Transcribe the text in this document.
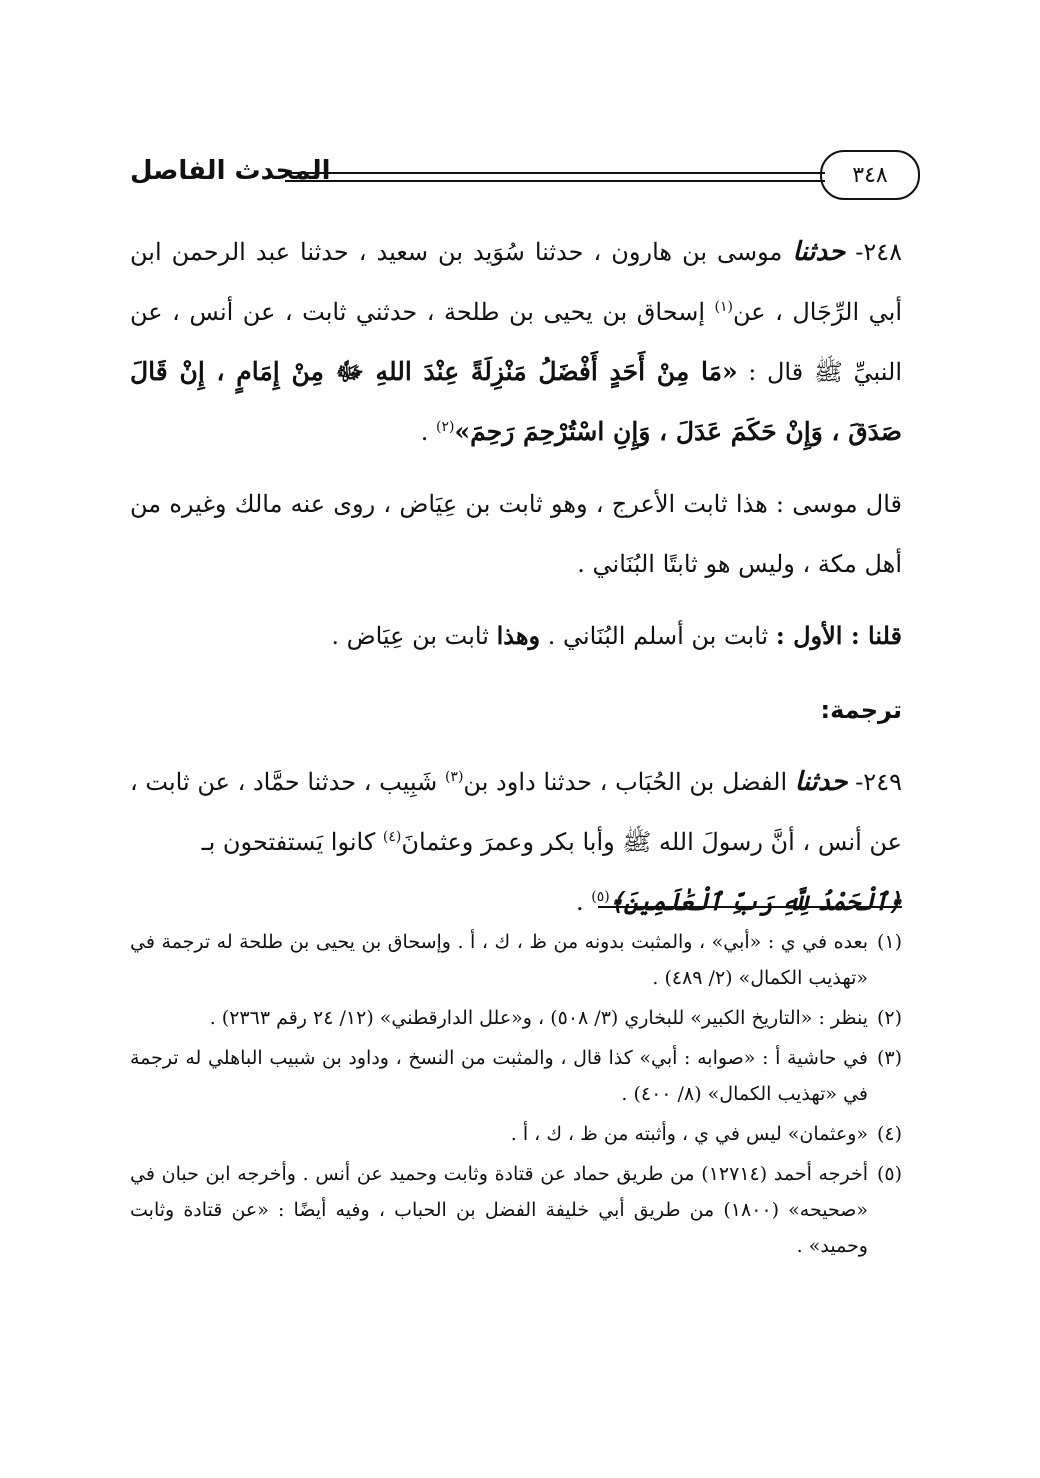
المحدث الفاصل	٣٤٨

٢٤٨- حدثنا موسى بن هارون ، حدثنا سُوَيد بن سعيد ، حدثنا عبد الرحمن ابن أبي الرِّجَال ، عن$^{(١)}$ إسحاق بن يحيى بن طلحة ، حدثني ثابت ، عن أنس ، عن النبيِّ ﷺ قال : «مَا مِنْ أَحَدٍ أَفْضَلُ مَنْزِلَةً عِنْدَ اللهِ ﷻ مِنْ إِمَامٍ ، إِنْ قَالَ صَدَقَ ، وَإِنْ حَكَمَ عَدَلَ ، وَإِنِ اسْتُرْحِمَ رَحِمَ»$^{(٢)}$ .

قال موسى : هذا ثابت الأعرج ، وهو ثابت بن عِيَاض ، روى عنه مالك وغيره من أهل مكة ، وليس هو ثابتًا البُنَاني .

قلنا : الأول : ثابت بن أسلم البُنَاني . وهذا ثابت بن عِيَاض .

ترجمة:

٢٤٩- حدثنا الفضل بن الحُبَاب ، حدثنا داود بن$^{(٣)}$ شَبِيب ، حدثنا حمَّاد ، عن ثابت ، عن أنس ، أنَّ رسولَ الله ﷺ وأبا بكر وعمرَ وعثمانَ$^{(٤)}$ كانوا يَستفتحون بـ
﴿ٱلْحَمْدُ لِلَّهِ رَبِّ ٱلْعَٰلَمِينَ﴾$^{(٥)}$ .

(١)بعده في ي : «أبي» ، والمثبت بدونه من ظ ، ك ، أ . وإسحاق بن يحيى بن طلحة له ترجمة في «تهذيب الكمال» (٢/ ٤٨٩) .

(٢)ينظر : «التاريخ الكبير» للبخاري (٣/ ٥٠٨) ، و«علل الدارقطني» (١٢/ ٢٤ رقم ٢٣٦٣) .

(٣)في حاشية أ : «صوابه : أبي» كذا قال ، والمثبت من النسخ ، وداود بن شبيب الباهلي له ترجمة في «تهذيب الكمال» (٨/ ٤٠٠) .

(٤)«وعثمان» ليس في ي ، وأثبته من ظ ، ك ، أ .

(٥)أخرجه أحمد (١٢٧١٤) من طريق حماد عن قتادة وثابت وحميد عن أنس . وأخرجه ابن حبان في «صحيحه» (١٨٠٠) من طريق أبي خليفة الفضل بن الحباب ، وفيه أيضًا : «عن قتادة وثابت وحميد» .
